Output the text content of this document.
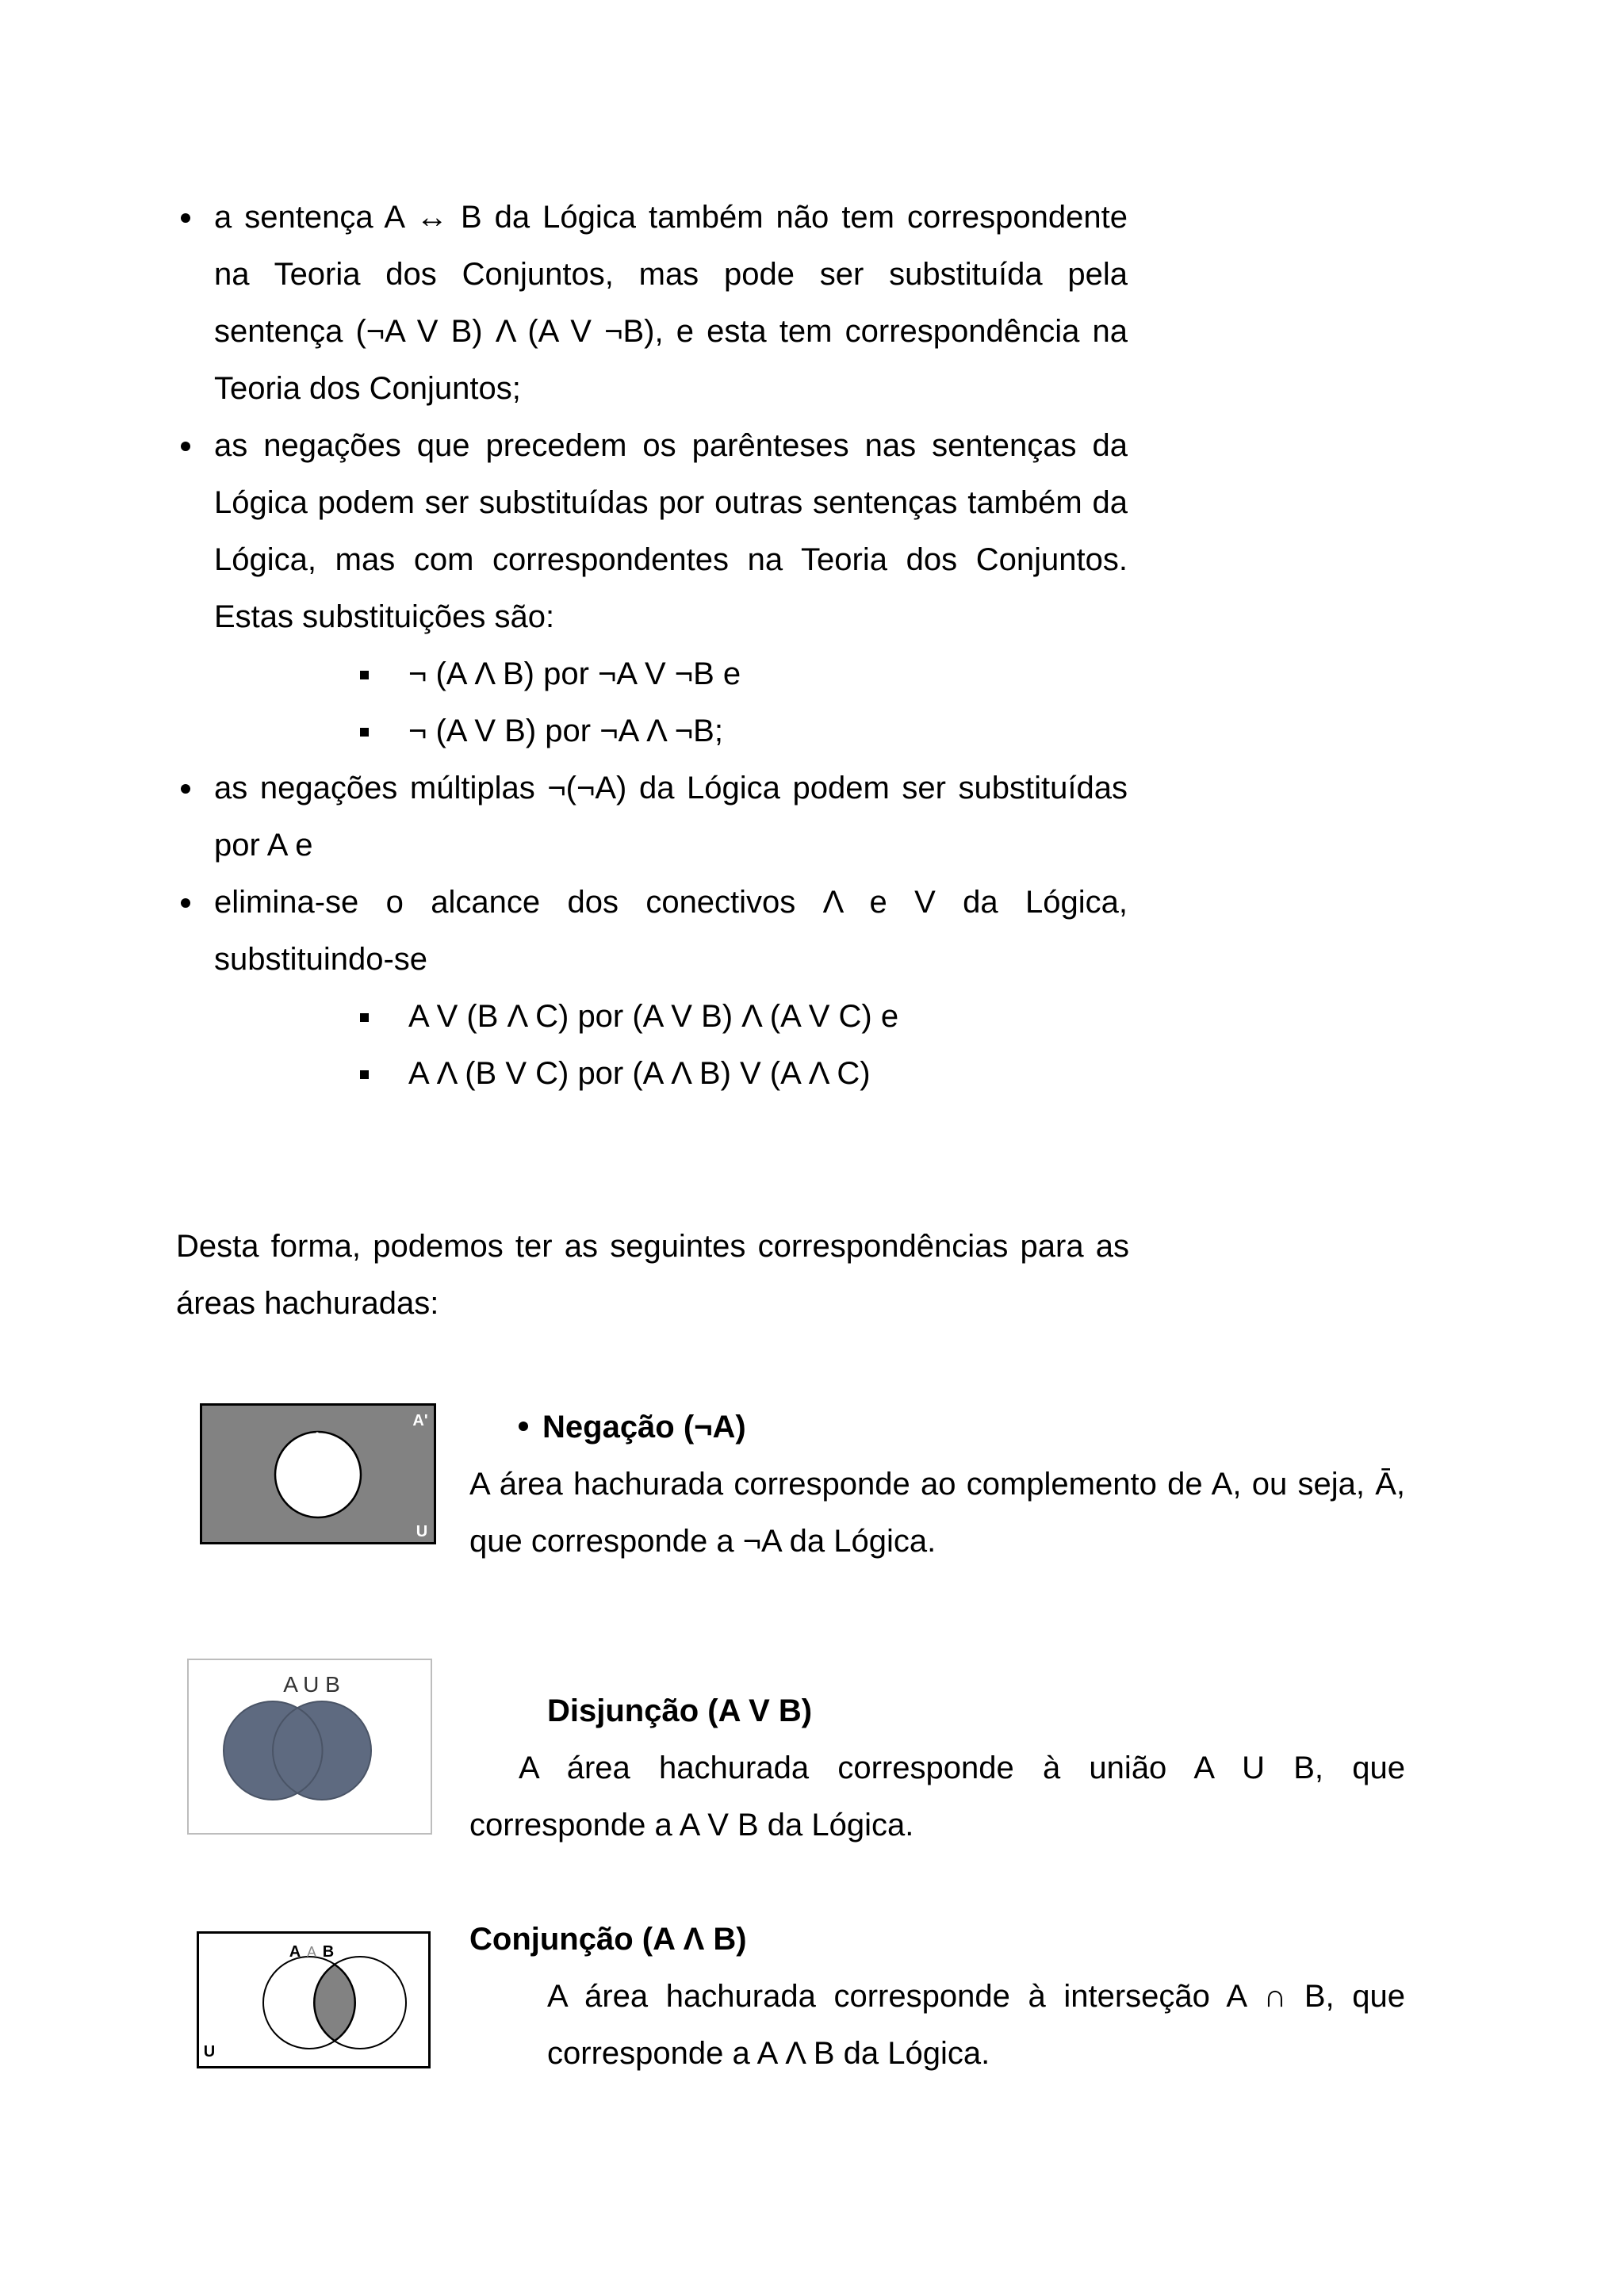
a sentença A ↔ B da Lógica também não tem correspondente na Teoria dos Conjuntos, mas pode ser substituída pela sentença (¬A V B) Λ (A V ¬B), e esta tem correspondência na Teoria dos Conjuntos;

as negações que precedem os parênteses nas sentenças da Lógica podem ser substituídas por outras sentenças também da Lógica, mas com correspondentes na Teoria dos Conjuntos. Estas substituições são:

¬ (A Λ B) por ¬A V ¬B e
¬ (A V B) por ¬A Λ ¬B;

as negações múltiplas ¬(¬A) da Lógica podem ser substituídas por A e

elimina-se o alcance dos conectivos Λ e V da Lógica, substituindo-se

A V (B Λ C) por (A V B) Λ (A V C) e
A Λ (B V C) por (A Λ B) V (A Λ C)

Desta forma, podemos ter as seguintes correspondências para as áreas hachuradas:

A
A'
U
Negação (¬A)
A área hachurada corresponde ao complemento de A, ou seja, Ā, que corresponde a ¬A da Lógica.
A U B
Disjunção (A V B)
A área hachurada corresponde à união A U B, que corresponde a A V B da Lógica.
A A B
U
Conjunção (A Λ B)
A área hachurada corresponde à interseção A ∩ B, que corresponde a A Λ B da Lógica.
